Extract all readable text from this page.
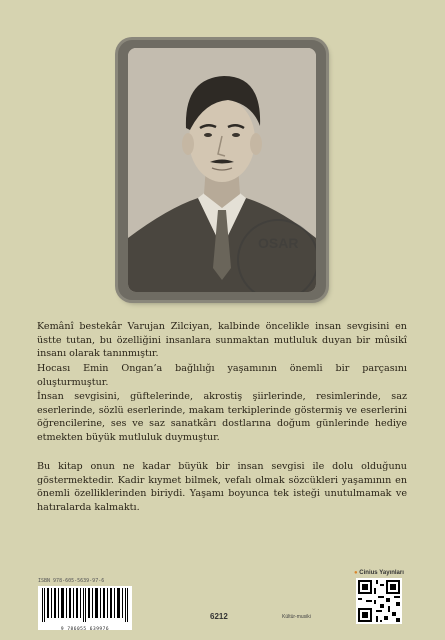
OSAR

Kemânî bestekâr Varujan Zilciyan, kalbinde öncelikle insan sevgisini en üstte tutan, bu özelliğini insanlara sunmaktan mutluluk duyan bir mûsikî insanı olarak tanınmıştır.

Hocası Emin Ongan’a bağlılığı yaşamının önemli bir parçasını oluşturmuştur.

İnsan sevgisini, güftelerinde, akrostiş şiirlerinde, resimlerinde, saz eserlerinde, sözlü eserlerinde, makam terkiplerinde göstermiş ve eserlerini öğrencilerine, ses ve saz sanatkârı dostlarına doğum günlerinde hediye etmekten büyük mutluluk duymuştur.

Bu kitap onun ne kadar büyük bir insan sevgisi ile dolu olduğunu göstermektedir. Kadir kıymet bilmek, vefalı olmak sözcükleri yaşamının en önemli özelliklerinden biriydi. Yaşamı boyunca tek isteği unutulmamak ve hatıralarda kalmaktı.

ISBN 978-605-5639-97-6
9 786055 639976
6212	Kültür-musiki
● Cinius Yayınları
